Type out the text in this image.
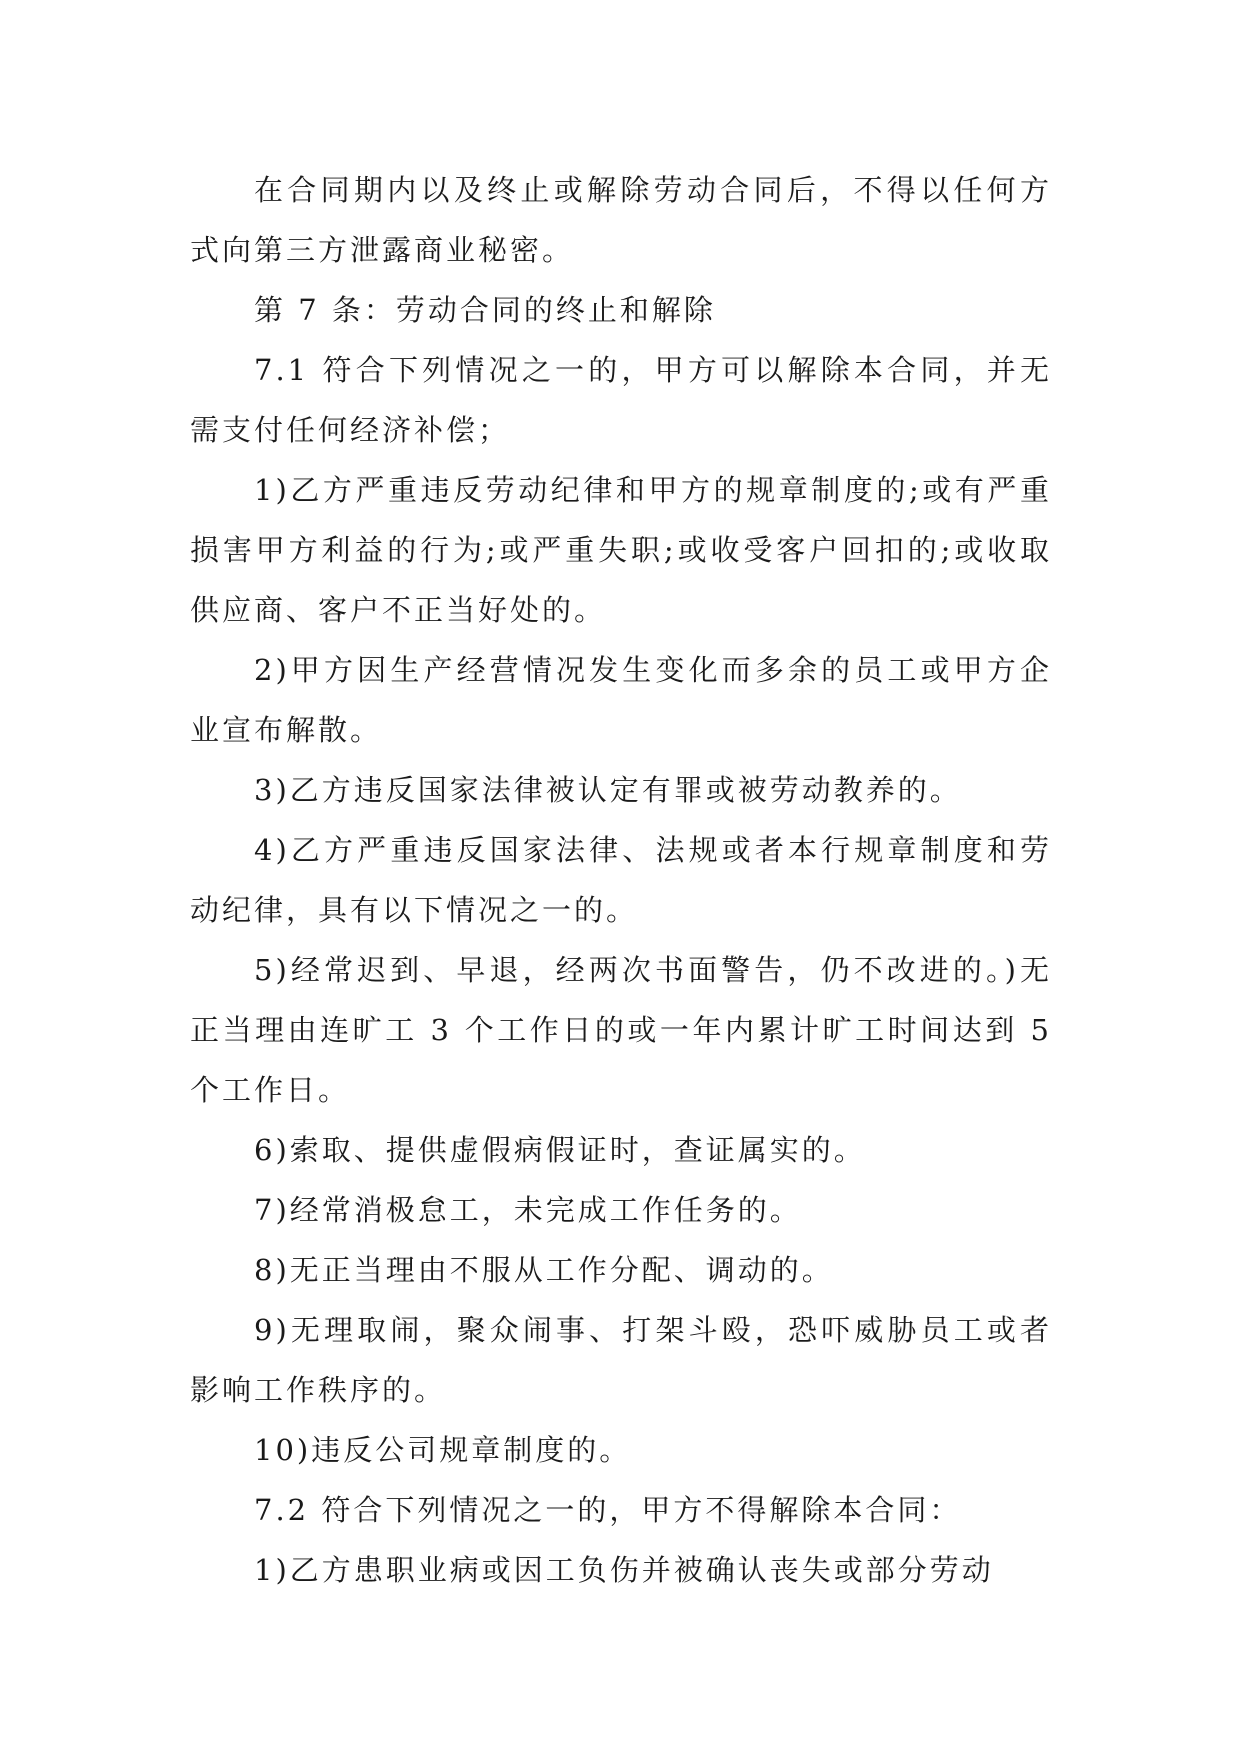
在合同期内以及终止或解除劳动合同后，不得以任何方式向第三方泄露商业秘密。

第 7 条：劳动合同的终止和解除

7.1 符合下列情况之一的，甲方可以解除本合同，并无需支付任何经济补偿；

1)乙方严重违反劳动纪律和甲方的规章制度的;或有严重损害甲方利益的行为;或严重失职;或收受客户回扣的;或收取供应商、客户不正当好处的。

2)甲方因生产经营情况发生变化而多余的员工或甲方企业宣布解散。

3)乙方违反国家法律被认定有罪或被劳动教养的。

4)乙方严重违反国家法律、法规或者本行规章制度和劳动纪律，具有以下情况之一的。

5)经常迟到、早退，经两次书面警告，仍不改进的。)无正当理由连旷工 3 个工作日的或一年内累计旷工时间达到 5 个工作日。

6)索取、提供虚假病假证时，查证属实的。

7)经常消极怠工，未完成工作任务的。

8)无正当理由不服从工作分配、调动的。

9)无理取闹，聚众闹事、打架斗殴，恐吓威胁员工或者影响工作秩序的。

10)违反公司规章制度的。

7.2 符合下列情况之一的，甲方不得解除本合同：

1)乙方患职业病或因工负伤并被确认丧失或部分劳动
